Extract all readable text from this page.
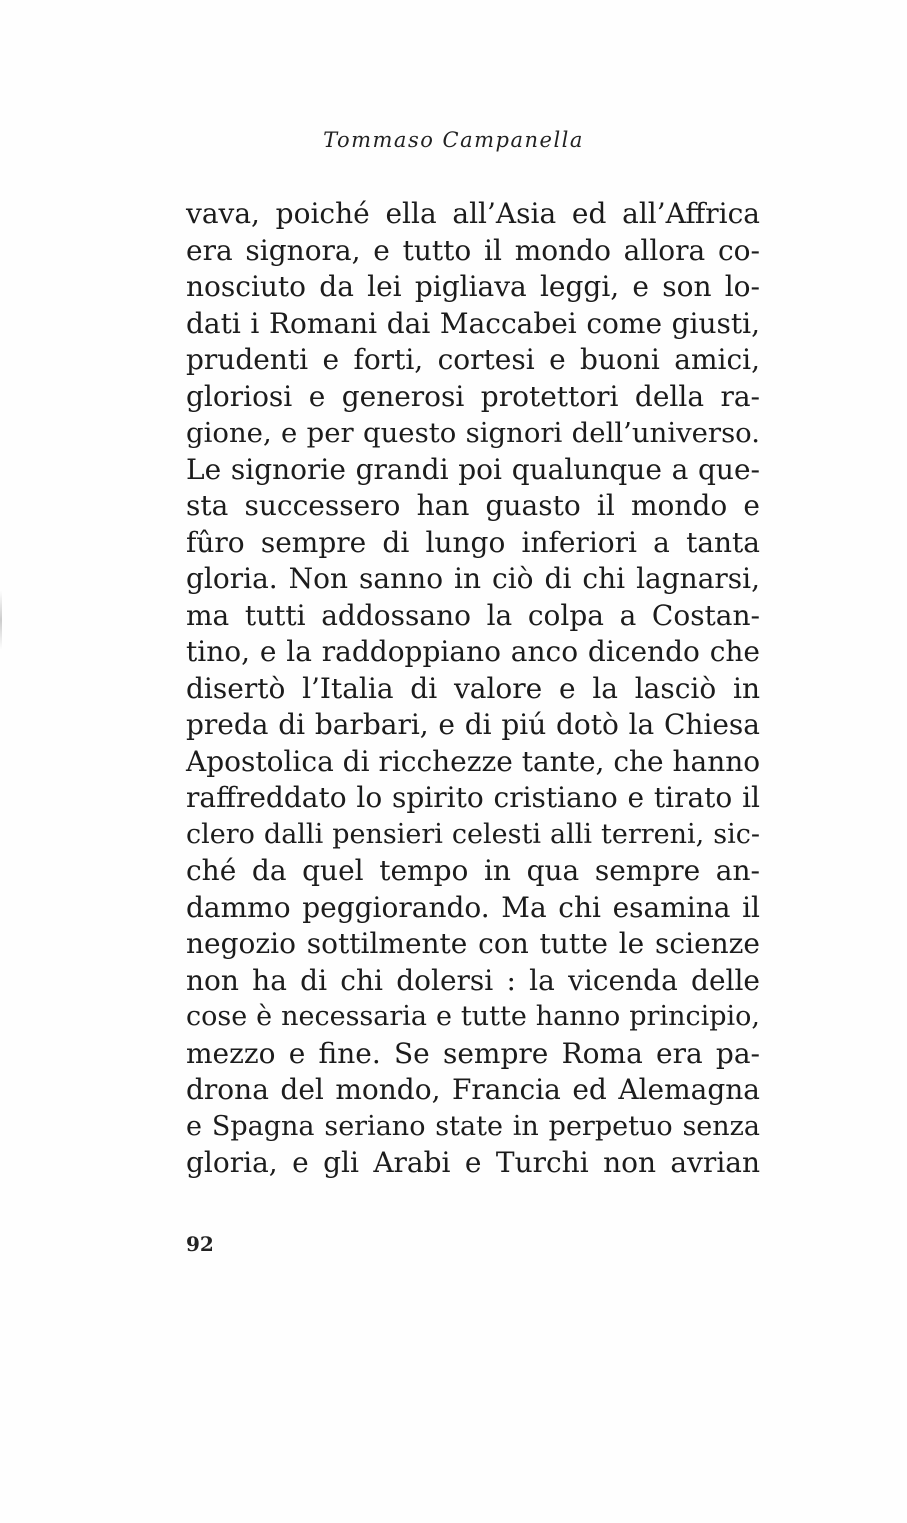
Tommaso Campanella
vava, poiché ella all’Asia ed all’Affrica
era signora, e tutto il mondo allora co-
nosciuto da lei pigliava leggi, e son lo-
dati i Romani dai Maccabei come giusti,
prudenti e forti, cortesi e buoni amici,
gloriosi e generosi protettori della ra-
gione, e per questo signori dell’universo.
Le signorie grandi poi qualunque a que-
sta successero han guasto il mondo e
fûro sempre di lungo inferiori a tanta
gloria. Non sanno in ciò di chi lagnarsi,
ma tutti addossano la colpa a Costan-
tino, e la raddoppiano anco dicendo che
disertò l’Italia di valore e la lasciò in
preda di barbari, e di piú dotò la Chiesa
Apostolica di ricchezze tante, che hanno
raffreddato lo spirito cristiano e tirato il
clero dalli pensieri celesti alli terreni, sic-
ché da quel tempo in qua sempre an-
dammo peggiorando. Ma chi esamina il
negozio sottilmente con tutte le scienze
non ha di chi dolersi : la vicenda delle
cose è necessaria e tutte hanno principio,
mezzo e fine. Se sempre Roma era pa-
drona del mondo, Francia ed Alemagna
e Spagna seriano state in perpetuo senza
gloria, e gli Arabi e Turchi non avrian
92
